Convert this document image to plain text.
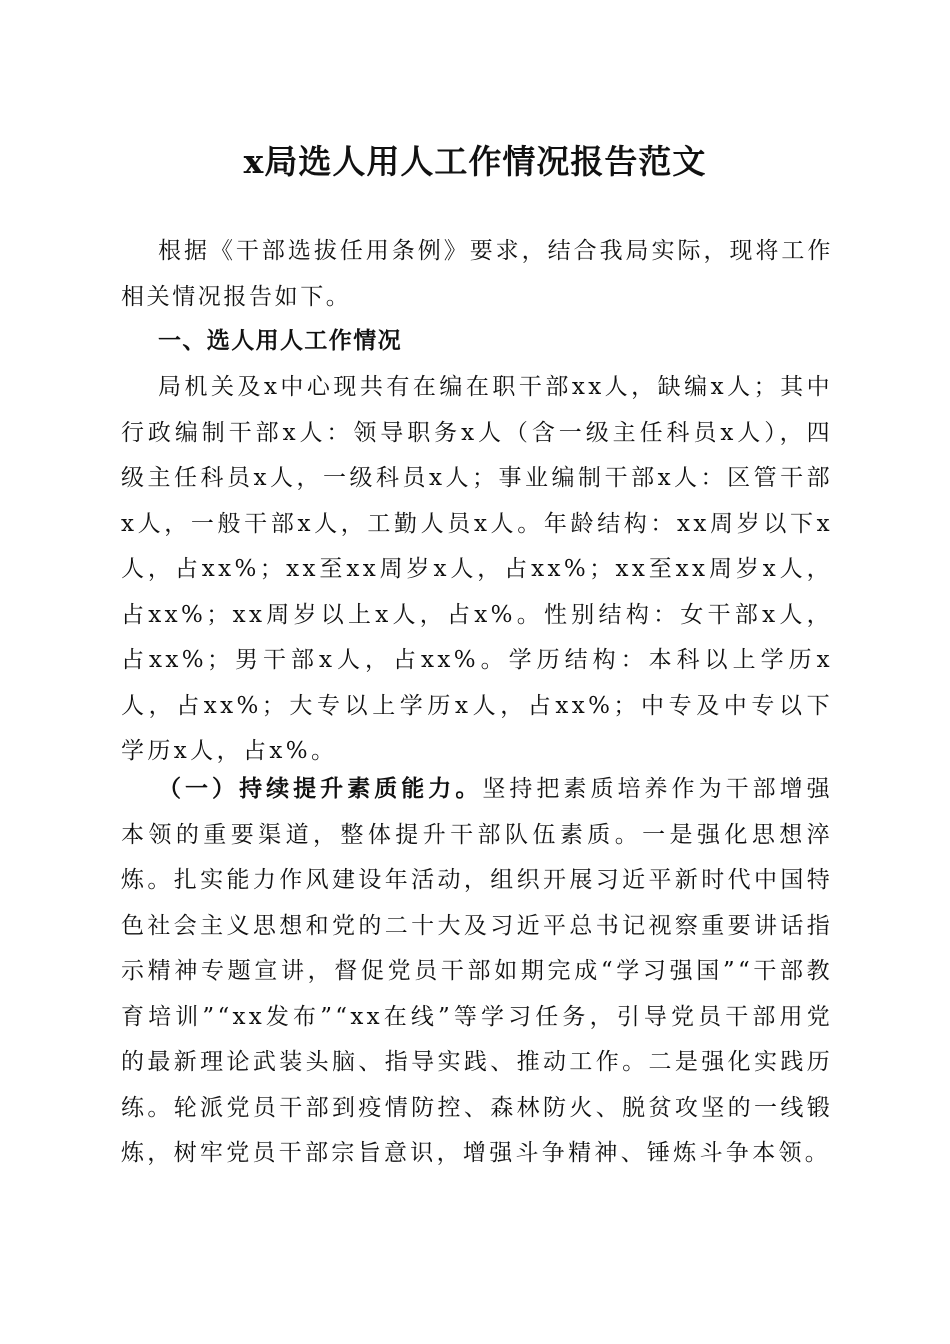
x局选人用人工作情况报告范文

根据《干部选拔任用条例》要求，结合我局实际，现将工作相关情况报告如下。

一、选人用人工作情况

局机关及x中心现共有在编在职干部xx人，缺编x人；其中行政编制干部x人：领导职务x人（含一级主任科员x人），四级主任科员x人，一级科员x人；事业编制干部x人：区管干部x人，一般干部x人，工勤人员x人。年龄结构：xx周岁以下x人，占xx%；xx至xx周岁x人，占xx%；xx至xx周岁x人，占xx%；xx周岁以上x人，占x%。性别结构：女干部x人，占xx%；男干部x人，占xx%。学历结构：本科以上学历x人，占xx%；大专以上学历x人，占xx%；中专及中专以下学历x人，占x%。

（一）持续提升素质能力。坚持把素质培养作为干部增强本领的重要渠道，整体提升干部队伍素质。一是强化思想淬炼。扎实能力作风建设年活动，组织开展习近平新时代中国特色社会主义思想和党的二十大及习近平总书记视察重要讲话指示精神专题宣讲，督促党员干部如期完成“学习强国”“干部教育培训”“xx发布”“xx在线”等学习任务，引导党员干部用党的最新理论武装头脑、指导实践、推动工作。二是强化实践历练。轮派党员干部到疫情防控、森林防火、脱贫攻坚的一线锻炼，树牢党员干部宗旨意识，增强斗争精神、锤炼斗争本领。
